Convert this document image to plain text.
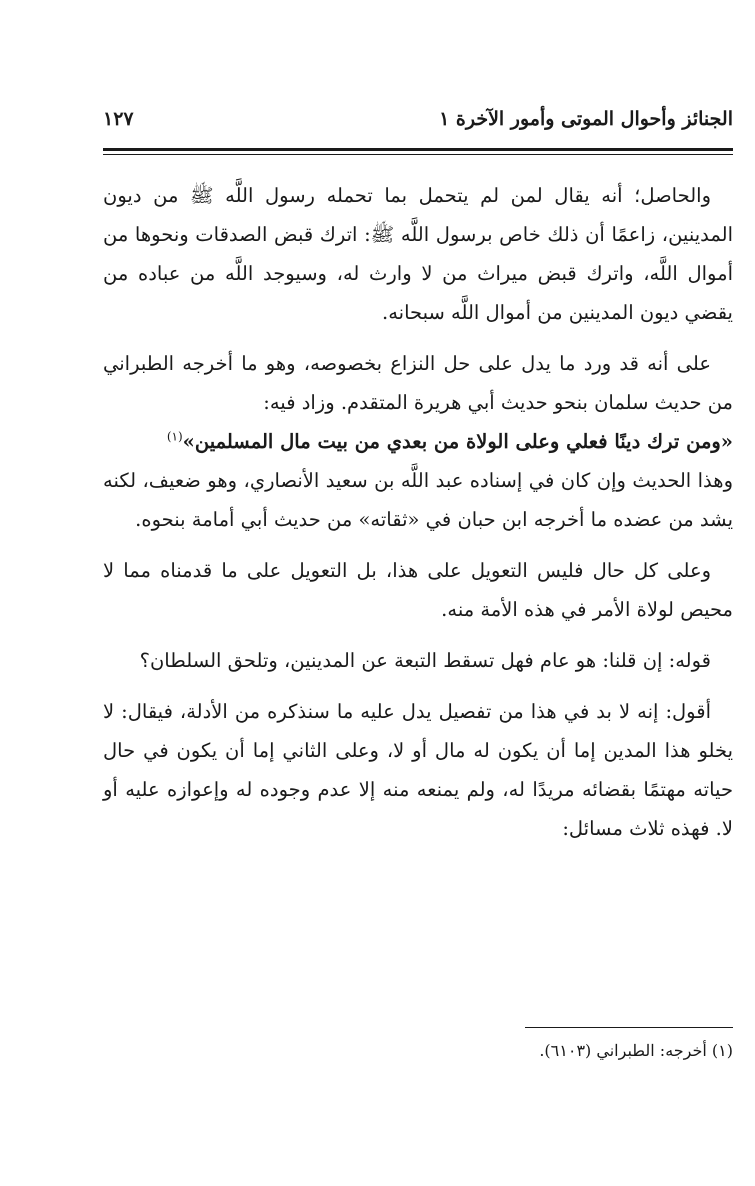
الجنائز وأحوال الموتى وأمور الآخرة ١
١٢٧

والحاصل؛ أنه يقال لمن لم يتحمل بما تحمله رسول اللَّه ﷺ من ديون المدينين، زاعمًا أن ذلك خاص برسول اللَّه ﷺ: اترك قبض الصدقات ونحوها من أموال اللَّه، واترك قبض ميراث من لا وارث له، وسيوجد اللَّه من عباده من يقضي ديون المدينين من أموال اللَّه سبحانه.

على أنه قد ورد ما يدل على حل النزاع بخصوصه، وهو ما أخرجه الطبراني من حديث سلمان بنحو حديث أبي هريرة المتقدم. وزاد فيه:

«ومن ترك دينًا فعلي وعلى الولاة من بعدي من بيت مال المسلمين»$^{(١)}$

وهذا الحديث وإن كان في إسناده عبد اللَّه بن سعيد الأنصاري، وهو ضعيف، لكنه يشد من عضده ما أخرجه ابن حبان في «ثقاته» من حديث أبي أمامة بنحوه.

وعلى كل حال فليس التعويل على هذا، بل التعويل على ما قدمناه مما لا محيص لولاة الأمر في هذه الأمة منه.

قوله: إن قلنا: هو عام فهل تسقط التبعة عن المدينين، وتلحق السلطان؟

أقول: إنه لا بد في هذا من تفصيل يدل عليه ما سنذكره من الأدلة، فيقال: لا يخلو هذا المدين إما أن يكون له مال أو لا، وعلى الثاني إما أن يكون في حال حياته مهتمًا بقضائه مريدًا له، ولم يمنعه منه إلا عدم وجوده له وإعوازه عليه أو لا. فهذه ثلاث مسائل:

(١) أخرجه: الطبراني (٦١٠٣).
